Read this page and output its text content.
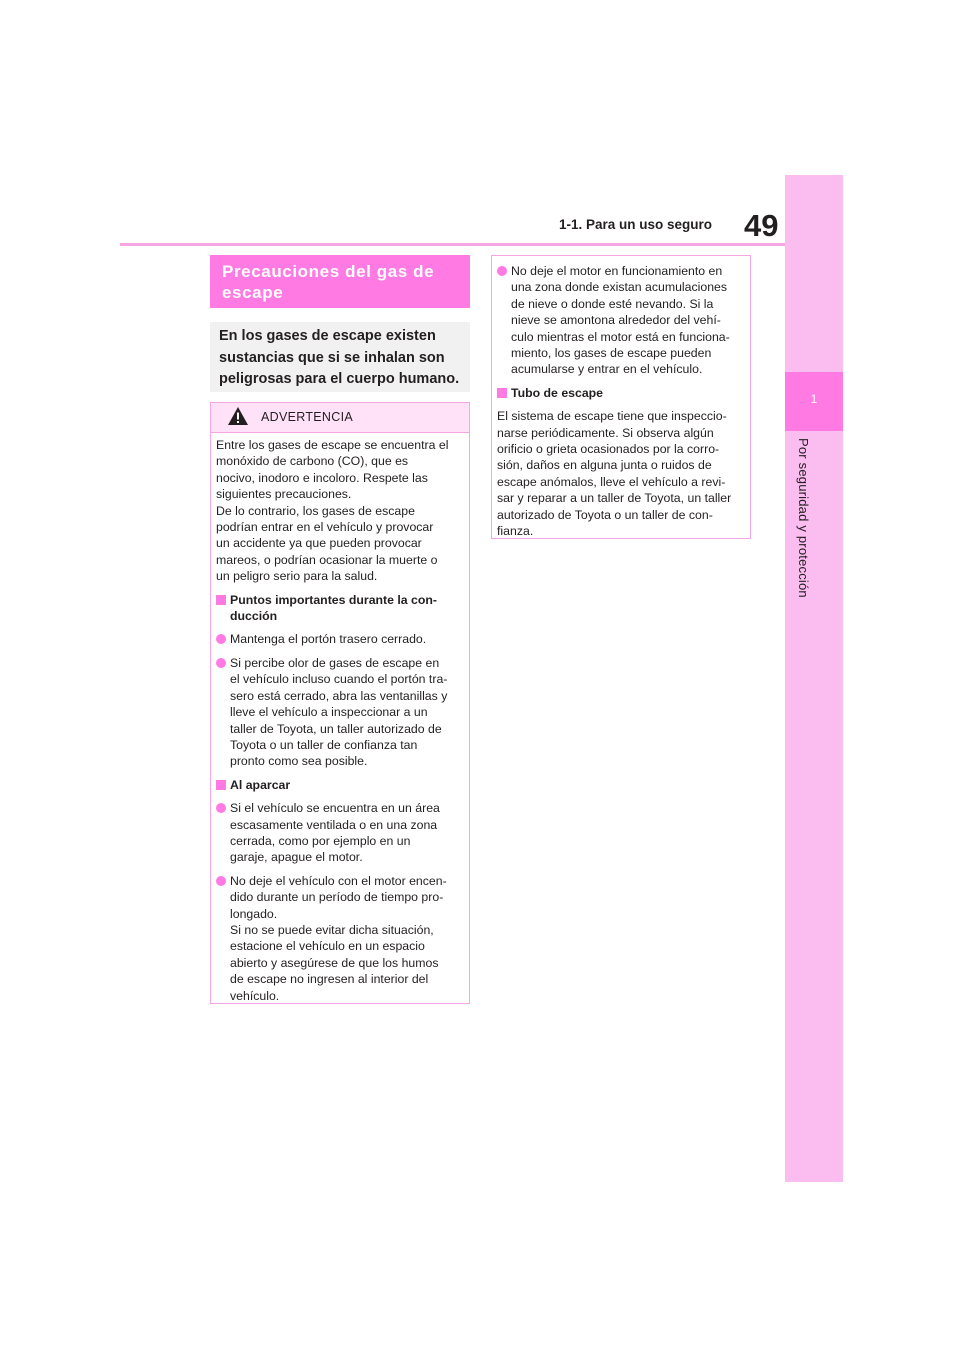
49
1-1. Para un uso seguro
1
Por seguridad y protección
Precauciones del gas de
escape
En los gases de escape existen
sustancias que si se inhalan son
peligrosas para el cuerpo humano.
ADVERTENCIA

Entre los gases de escape se encuentra el
monóxido de carbono (CO), que es
nocivo, inodoro e incoloro. Respete las
siguientes precauciones.
De lo contrario, los gases de escape
podrían entrar en el vehículo y provocar
un accidente ya que pueden provocar
mareos, o podrían ocasionar la muerte o
un peligro serio para la salud.

Puntos importantes durante la con-
ducción
Mantenga el portón trasero cerrado.
Si percibe olor de gases de escape en
el vehículo incluso cuando el portón tra-
sero está cerrado, abra las ventanillas y
lleve el vehículo a inspeccionar a un
taller de Toyota, un taller autorizado de
Toyota o un taller de confianza tan
pronto como sea posible.
Al aparcar
Si el vehículo se encuentra en un área
escasamente ventilada o en una zona
cerrada, como por ejemplo en un
garaje, apague el motor.
No deje el vehículo con el motor encen-
dido durante un período de tiempo pro-
longado.
Si no se puede evitar dicha situación,
estacione el vehículo en un espacio
abierto y asegúrese de que los humos
de escape no ingresen al interior del
vehículo.
No deje el motor en funcionamiento en
una zona donde existan acumulaciones
de nieve o donde esté nevando. Si la
nieve se amontona alrededor del vehí-
culo mientras el motor está en funciona-
miento, los gases de escape pueden
acumularse y entrar en el vehículo.
Tubo de escape

El sistema de escape tiene que inspeccio-
narse periódicamente. Si observa algún
orificio o grieta ocasionados por la corro-
sión, daños en alguna junta o ruidos de
escape anómalos, lleve el vehículo a revi-
sar y reparar a un taller de Toyota, un taller
autorizado de Toyota o un taller de con-
fianza.
